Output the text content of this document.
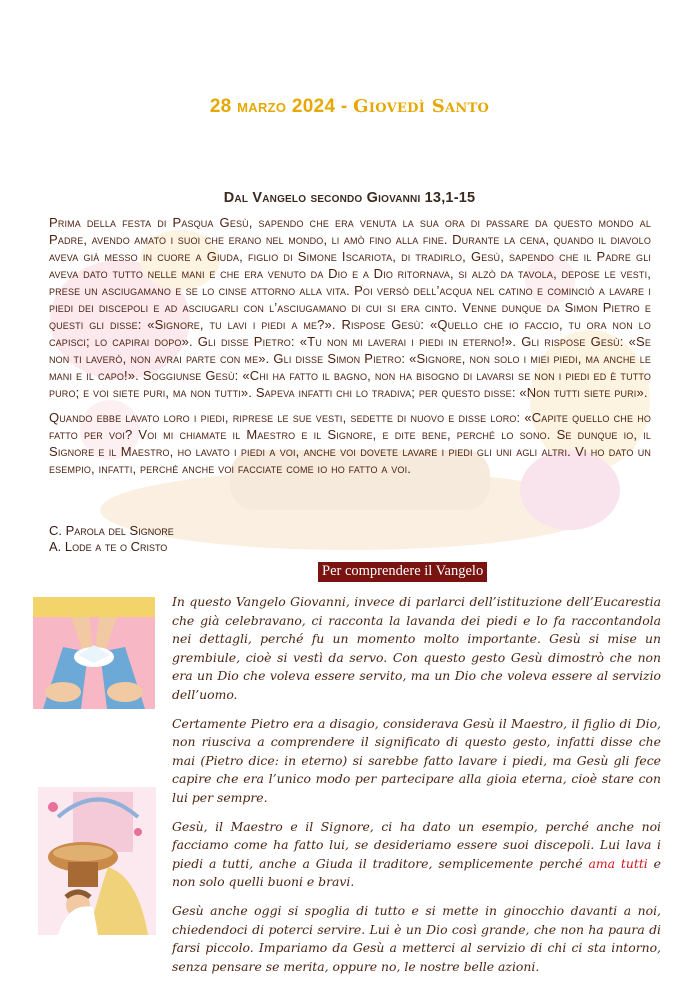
28 marzo 2024 - Giovedì Santo
Dal Vangelo secondo Giovanni 13,1-15

Prima della festa di Pasqua Gesù, sapendo che era venuta la sua ora di passare da questo mondo al Padre, avendo amato i suoi che erano nel mondo, li amò fino alla fine. Durante la cena, quando il diavolo aveva già messo in cuore a Giuda, figlio di Simone Iscariota, di tradirlo, Gesù, sapendo che il Padre gli aveva dato tutto nelle mani e che era venuto da Dio e a Dio ritornava, si alzò da tavola, depose le vesti, prese un asciugamano e se lo cinse attorno alla vita. Poi versò dell’acqua nel catino e cominciò a lavare i piedi dei discepoli e ad asciugarli con l’asciugamano di cui si era cinto. Venne dunque da Simon Pietro e questi gli disse: «Signore, tu lavi i piedi a me?». Rispose Gesù: «Quello che io faccio, tu ora non lo capisci; lo capirai dopo». Gli disse Pietro: «Tu non mi laverai i piedi in eterno!». Gli rispose Gesù: «Se non ti laverò, non avrai parte con me». Gli disse Simon Pietro: «Signore, non solo i miei piedi, ma anche le mani e il capo!». Soggiunse Gesù: «Chi ha fatto il bagno, non ha bisogno di lavarsi se non i piedi ed è tutto puro; e voi siete puri, ma non tutti». Sapeva infatti chi lo tradiva; per questo disse: «Non tutti siete puri».

Quando ebbe lavato loro i piedi, riprese le sue vesti, sedette di nuovo e disse loro: «Capite quello che ho fatto per voi? Voi mi chiamate il Maestro e il Signore, e dite bene, perché lo sono. Se dunque io, il Signore e il Maestro, ho lavato i piedi a voi, anche voi dovete lavare i piedi gli uni agli altri. Vi ho dato un esempio, infatti, perché anche voi facciate come io ho fatto a voi.

C. Parola del Signore
A. Lode a te o Cristo
Per comprendere il Vangelo

In questo Vangelo Giovanni, invece di parlarci dell’istituzione dell’Eucarestia che già celebravano, ci racconta la lavanda dei piedi e lo fa raccontandola nei dettagli, perché fu un momento molto importante. Gesù si mise un grembiule, cioè si vestì da servo. Con questo gesto Gesù dimostrò che non era un Dio che voleva essere servito, ma un Dio che voleva essere al servizio dell’uomo.

Certamente Pietro era a disagio, considerava Gesù il Maestro, il figlio di Dio, non riusciva a comprendere il significato di questo gesto, infatti disse che mai (Pietro dice: in eterno) si sarebbe fatto lavare i piedi, ma Gesù gli fece capire che era l’unico modo per partecipare alla gioia eterna, cioè stare con lui per sempre.

Gesù, il Maestro e il Signore, ci ha dato un esempio, perché anche noi facciamo come ha fatto lui, se desideriamo essere suoi discepoli. Lui lava i piedi a tutti, anche a Giuda il traditore, semplicemente perché ama tutti e non solo quelli buoni e bravi.

Gesù anche oggi si spoglia di tutto e si mette in ginocchio davanti a noi, chiedendoci di poterci servire. Lui è un Dio così grande, che non ha paura di farsi piccolo. Impariamo da Gesù a metterci al servizio di chi ci sta intorno, senza pensare se merita, oppure no, le nostre belle azioni.
